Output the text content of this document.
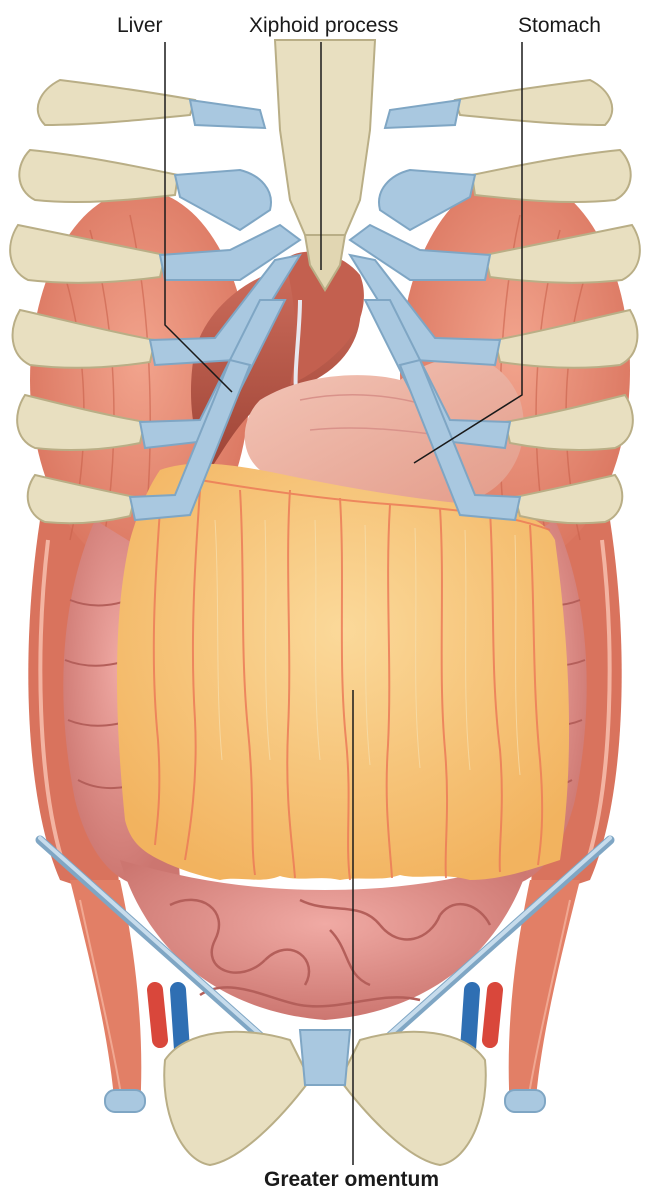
Liver	Xiphoid process	Stomach
Greater omentum
